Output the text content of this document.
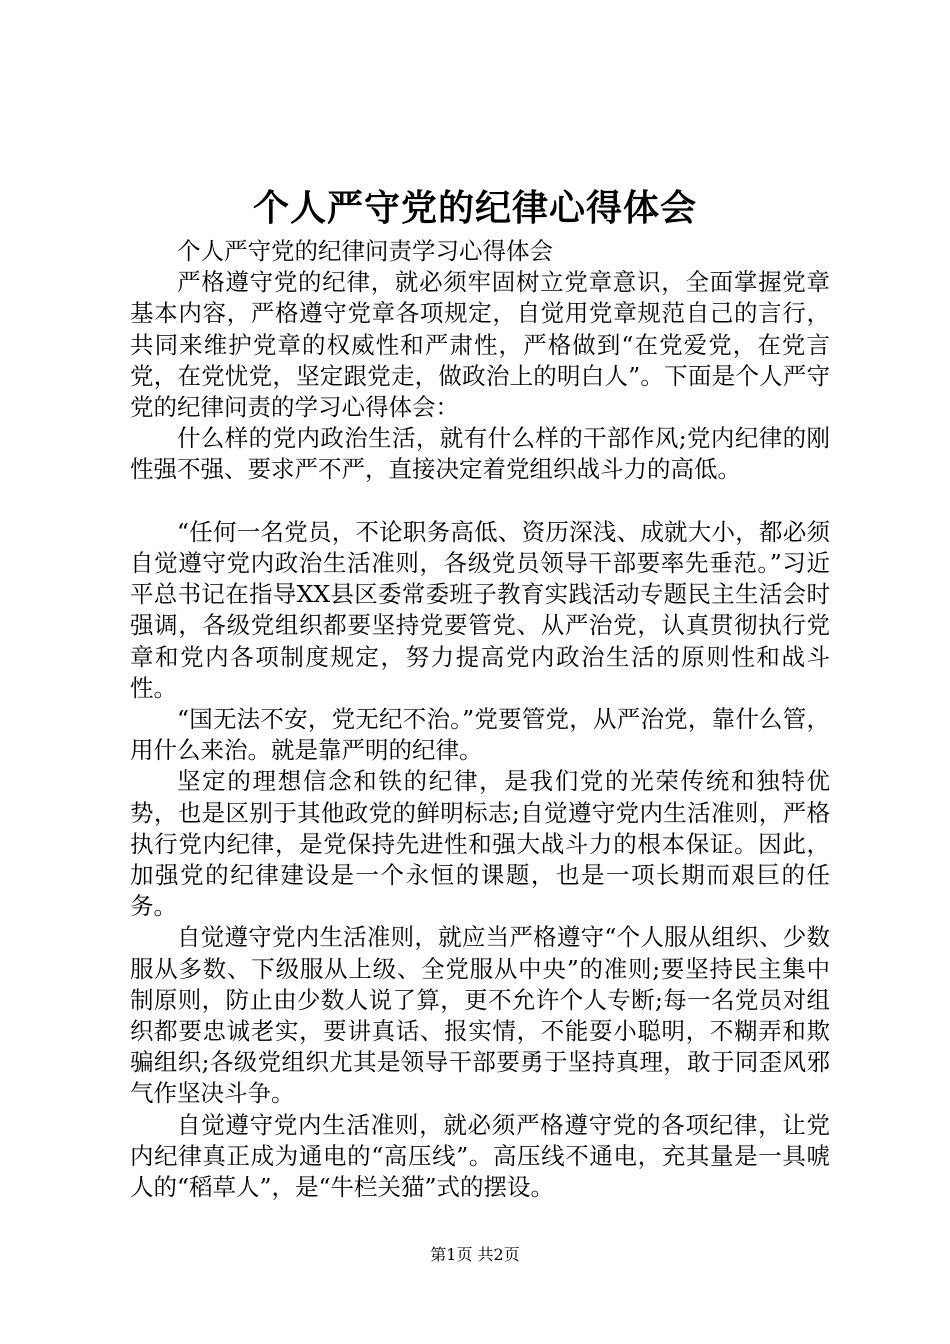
个人严守党的纪律心得体会

个人严守党的纪律问责学习心得体会

严格遵守党的纪律，就必须牢固树立党章意识，全面掌握党章基本内容，严格遵守党章各项规定，自觉用党章规范自己的言行，共同来维护党章的权威性和严肃性，严格做到“在党爱党，在党言党，在党忧党，坚定跟党走，做政治上的明白人”。下面是个人严守党的纪律问责的学习心得体会：

什么样的党内政治生活，就有什么样的干部作风;党内纪律的刚性强不强、要求严不严，直接决定着党组织战斗力的高低。

“任何一名党员，不论职务高低、资历深浅、成就大小，都必须自觉遵守党内政治生活准则，各级党员领导干部要率先垂范。”习近平总书记在指导XX县区委常委班子教育实践活动专题民主生活会时强调，各级党组织都要坚持党要管党、从严治党，认真贯彻执行党章和党内各项制度规定，努力提高党内政治生活的原则性和战斗性。

“国无法不安，党无纪不治。”党要管党，从严治党，靠什么管，用什么来治。就是靠严明的纪律。

坚定的理想信念和铁的纪律，是我们党的光荣传统和独特优势，也是区别于其他政党的鲜明标志;自觉遵守党内生活准则，严格执行党内纪律，是党保持先进性和强大战斗力的根本保证。因此，加强党的纪律建设是一个永恒的课题，也是一项长期而艰巨的任务。

自觉遵守党内生活准则，就应当严格遵守“个人服从组织、少数服从多数、下级服从上级、全党服从中央”的准则;要坚持民主集中制原则，防止由少数人说了算，更不允许个人专断;每一名党员对组织都要忠诚老实，要讲真话、报实情，不能耍小聪明，不糊弄和欺骗组织;各级党组织尤其是领导干部要勇于坚持真理，敢于同歪风邪气作坚决斗争。

自觉遵守党内生活准则，就必须严格遵守党的各项纪律，让党内纪律真正成为通电的“高压线”。高压线不通电，充其量是一具唬人的“稻草人”，是“牛栏关猫”式的摆设。

第1页 共2页
